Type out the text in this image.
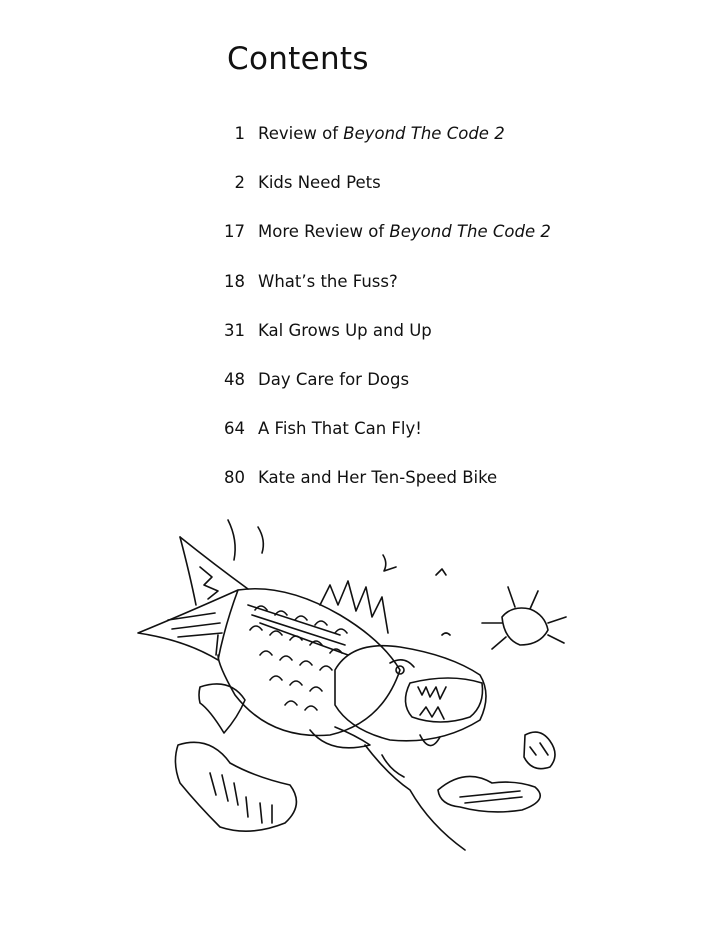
Contents
1 Review of Beyond The Code 2
2 Kids Need Pets
17 More Review of Beyond The Code 2
18 What’s the Fuss?
31 Kal Grows Up and Up
48 Day Care for Dogs
64 A Fish That Can Fly!
80 Kate and Her Ten-Speed Bike
